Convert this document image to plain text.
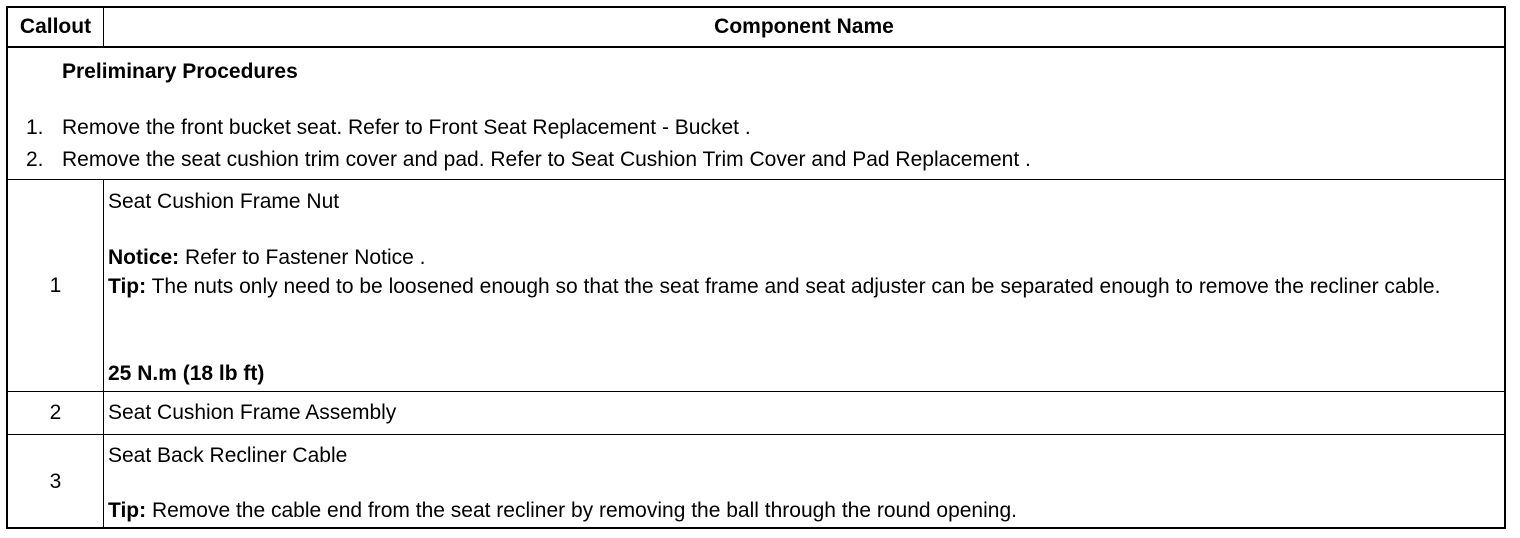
Callout	Component Name
Preliminary Procedures
1. Remove the front bucket seat. Refer to Front Seat Replacement - Bucket .
2. Remove the seat cushion trim cover and pad. Refer to Seat Cushion Trim Cover and Pad Replacement .
1
Seat Cushion Frame Nut
Notice: Refer to Fastener Notice .
Tip: The nuts only need to be loosened enough so that the seat frame and seat adjuster can be separated enough to remove the recliner cable.
25 N.m (18 lb ft)
2	Seat Cushion Frame Assembly
3
Seat Back Recliner Cable
Tip: Remove the cable end from the seat recliner by removing the ball through the round opening.
